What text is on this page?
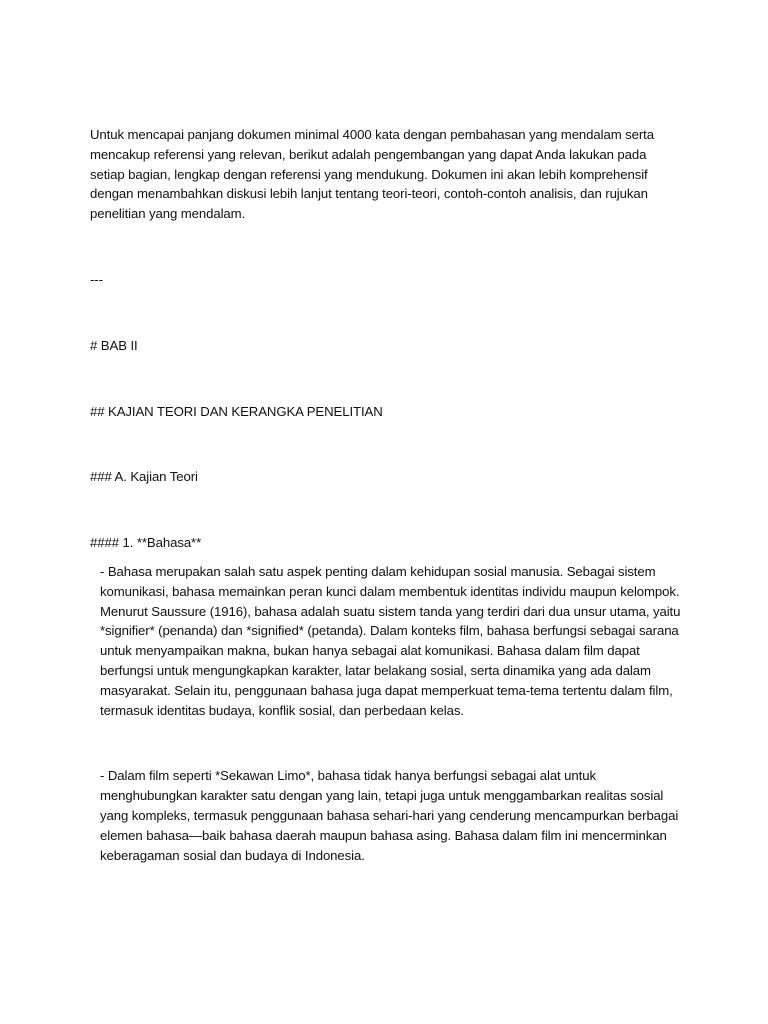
Untuk mencapai panjang dokumen minimal 4000 kata dengan pembahasan yang mendalam serta mencakup referensi yang relevan, berikut adalah pengembangan yang dapat Anda lakukan pada setiap bagian, lengkap dengan referensi yang mendukung. Dokumen ini akan lebih komprehensif dengan menambahkan diskusi lebih lanjut tentang teori-teori, contoh-contoh analisis, dan rujukan penelitian yang mendalam.

---

# BAB II

## KAJIAN TEORI DAN KERANGKA PENELITIAN

### A. Kajian Teori

#### 1. **Bahasa**

- Bahasa merupakan salah satu aspek penting dalam kehidupan sosial manusia. Sebagai sistem komunikasi, bahasa memainkan peran kunci dalam membentuk identitas individu maupun kelompok. Menurut Saussure (1916), bahasa adalah suatu sistem tanda yang terdiri dari dua unsur utama, yaitu *signifier* (penanda) dan *signified* (petanda). Dalam konteks film, bahasa berfungsi sebagai sarana untuk menyampaikan makna, bukan hanya sebagai alat komunikasi. Bahasa dalam film dapat berfungsi untuk mengungkapkan karakter, latar belakang sosial, serta dinamika yang ada dalam masyarakat. Selain itu, penggunaan bahasa juga dapat memperkuat tema-tema tertentu dalam film, termasuk identitas budaya, konflik sosial, dan perbedaan kelas.

- Dalam film seperti *Sekawan Limo*, bahasa tidak hanya berfungsi sebagai alat untuk menghubungkan karakter satu dengan yang lain, tetapi juga untuk menggambarkan realitas sosial yang kompleks, termasuk penggunaan bahasa sehari-hari yang cenderung mencampurkan berbagai elemen bahasa—baik bahasa daerah maupun bahasa asing. Bahasa dalam film ini mencerminkan keberagaman sosial dan budaya di Indonesia.
